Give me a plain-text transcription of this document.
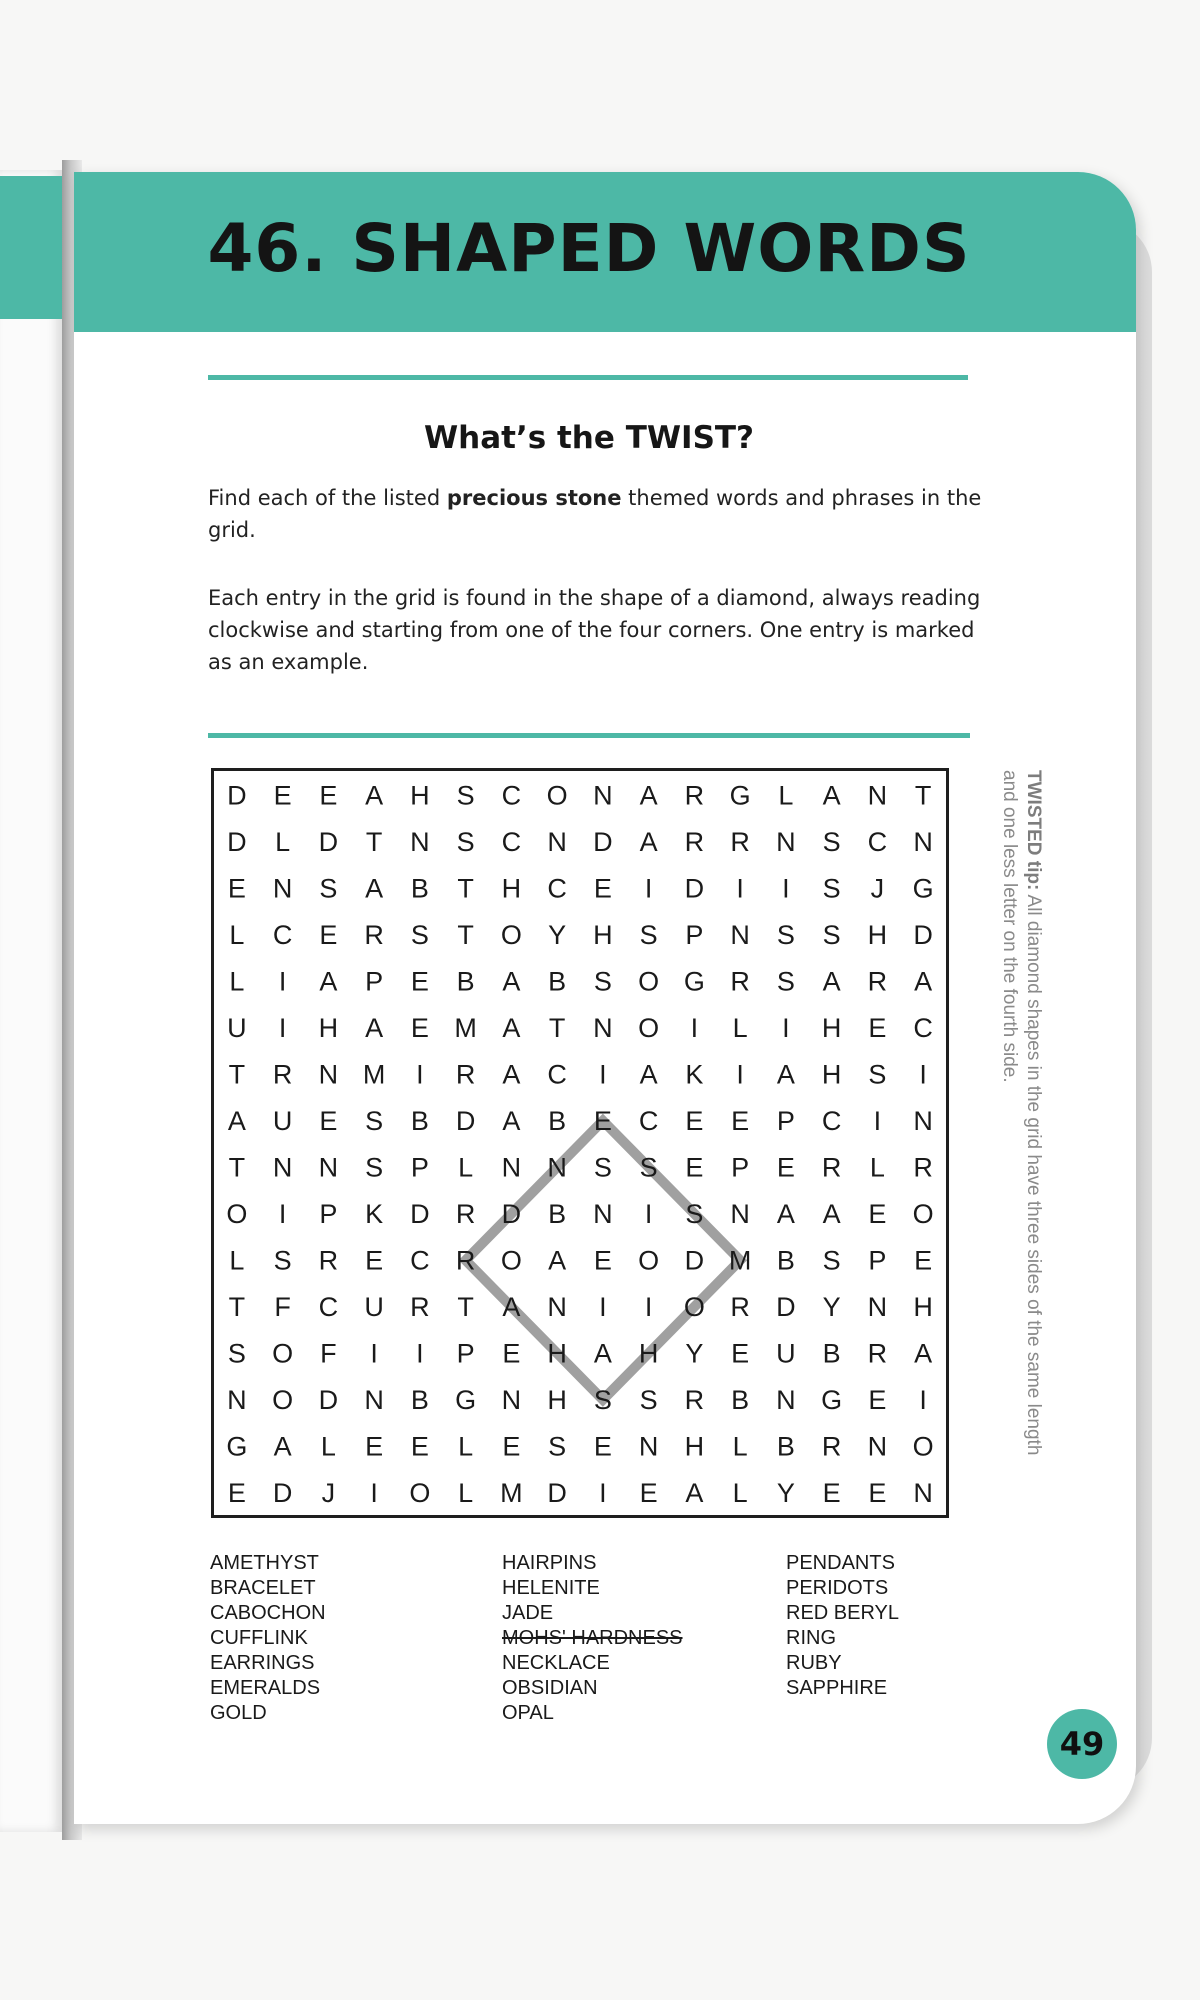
46. SHAPED WORDS
What’s the TWIST?
Find each of the listed precious stone themed words and phrases in the grid.
Each entry in the grid is found in the shape of a diamond, always reading clockwise and starting from one of the four corners. One entry is marked as an example.
D E E A H S C O N A R G L A N T
D L D T N S C N D A R R N S C N
E N S A B T H C E I D I I S J G
L C E R S T O Y H S P N S S H D
L I A P E B A B S O G R S A R A
U I H A E M A T N O I L I H E C
T R N M I R A C I A K I A H S I
A U E S B D A B E C E E P C I N
T N N S P L N N S S E P E R L R
O I P K D R D B N I S N A A E O
L S R E C R O A E O D M B S P E
T F C U R T A N I I O R D Y N H
S O F I I P E H A H Y E U B R A
N O D N B G N H S S R B N G E I
G A L E E L E S E N H L B R N O
E D J I O L M D I E A L Y E E N
AMETHYST
BRACELET
CABOCHON
CUFFLINK
EARRINGS
EMERALDS
GOLD
HAIRPINS
HELENITE
JADE
MOHS' HARDNESS
NECKLACE
OBSIDIAN
OPAL
PENDANTS
PERIDOTS
RED BERYL
RING
RUBY
SAPPHIRE
TWISTED tip: All diamond shapes in the grid have three sides of the same length and one less letter on the fourth side.
49
